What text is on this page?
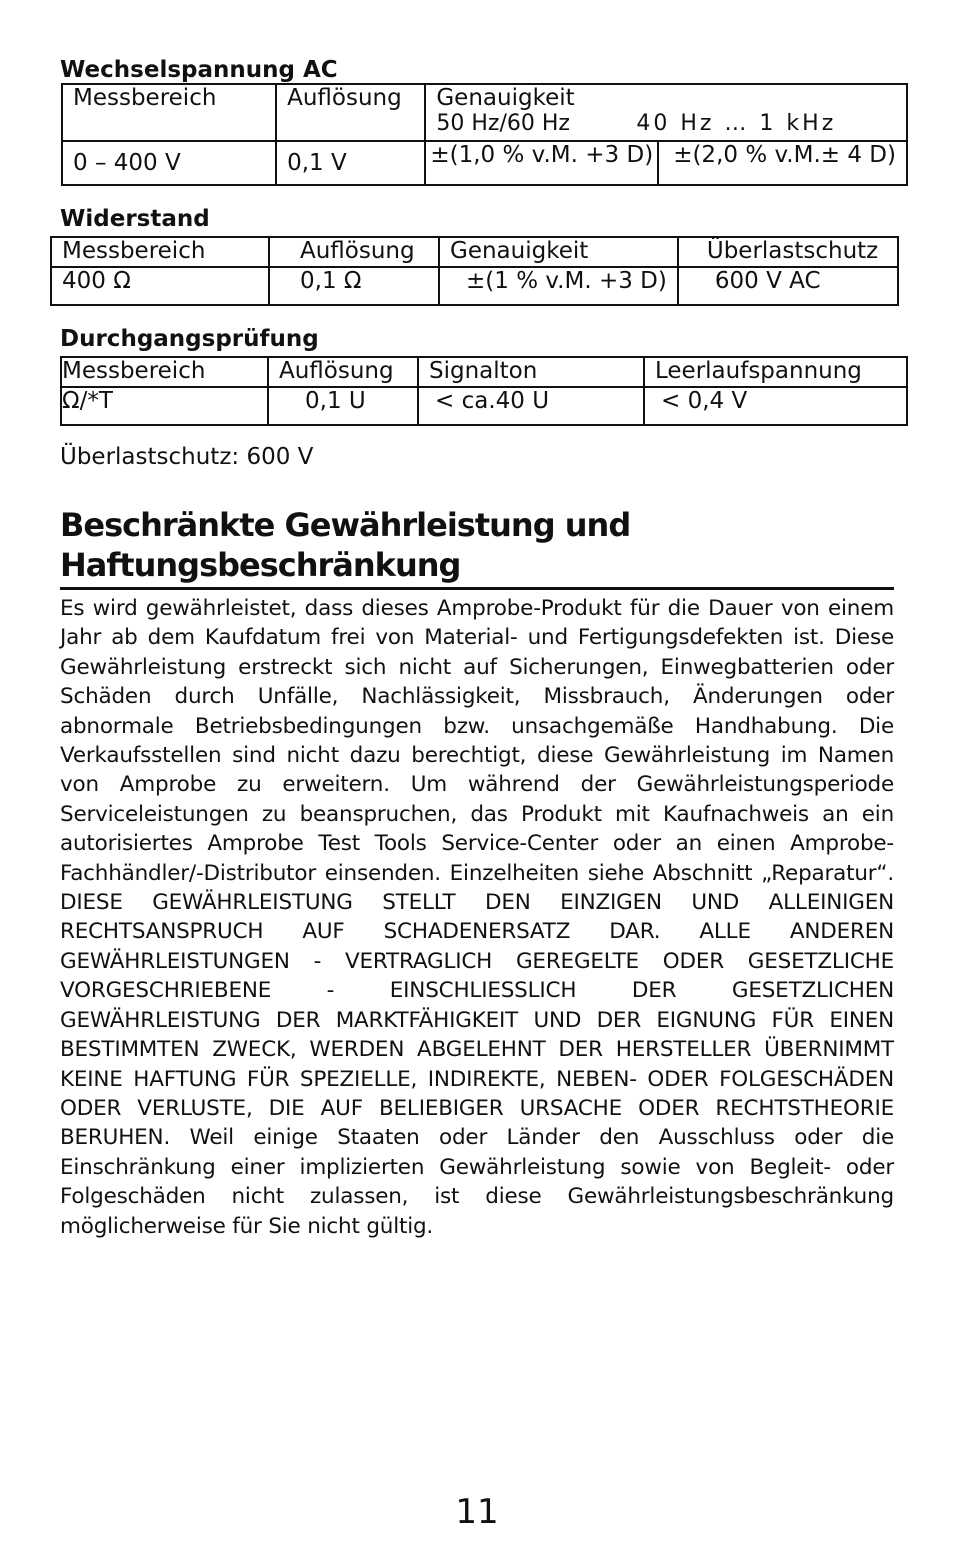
Wechselspannung AC
Messbereich	Auflösung	Genauigkeit
50 Hz/60 Hz 40 Hz … 1 kHz	

0 – 400 V	0,1 V	±(1,0 % v.M. +3 D)	±(2,0 % v.M.± 4 D)
Widerstand
Messbereich	Auflösung	Genauigkeit	Überlastschutz
400 Ω	0,1 Ω	±(1 % v.M. +3 D)	600 V AC
Durchgangsprüfung
Messbereich	Auflösung	Signalton	Leerlaufspannung
Ω/*T	0,1 U	< ca.40 U	< 0,4 V

Überlastschutz: 600 V

Beschränkte Gewährleistung und Haftungsbeschränkung

Es wird gewährleistet, dass dieses Amprobe-Produkt für die Dauer von einem Jahr ab dem Kaufdatum frei von Material- und Fertigungsdefekten ist. Diese Gewährleistung erstreckt sich nicht auf Sicherungen, Einwegbatterien oder Schäden durch Unfälle, Nachlässigkeit, Missbrauch, Änderungen oder abnormale Betriebsbedingungen bzw. unsachgemäße Handhabung. Die Verkaufsstellen sind nicht dazu berechtigt, diese Gewährleistung im Namen von Amprobe zu erweitern. Um während der Gewährleistungsperiode Serviceleistungen zu beanspruchen, das Produkt mit Kaufnachweis an ein autorisiertes Amprobe Test Tools Service-Center oder an einen Amprobe-Fachhändler/-Distributor einsenden. Einzelheiten siehe Abschnitt „Reparatur“. DIESE GEWÄHRLEISTUNG STELLT DEN EINZIGEN UND ALLEINIGEN RECHTSANSPRUCH AUF SCHADENERSATZ DAR. ALLE ANDEREN GEWÄHRLEISTUNGEN - VERTRAGLICH GEREGELTE ODER GESETZLICHE VORGESCHRIEBENE - EINSCHLIESSLICH DER GESETZLICHEN GEWÄHRLEISTUNG DER MARKTFÄHIGKEIT UND DER EIGNUNG FÜR EINEN BESTIMMTEN ZWECK, WERDEN ABGELEHNT DER HERSTELLER ÜBERNIMMT KEINE HAFTUNG FÜR SPEZIELLE, INDIREKTE, NEBEN- ODER FOLGESCHÄDEN ODER VERLUSTE, DIE AUF BELIEBIGER URSACHE ODER RECHTSTHEORIE BERUHEN. Weil einige Staaten oder Länder den Ausschluss oder die Einschränkung einer implizierten Gewährleistung sowie von Begleit- oder Folgeschäden nicht zulassen, ist diese Gewährleistungsbeschränkung möglicherweise für Sie nicht gültig.

11
